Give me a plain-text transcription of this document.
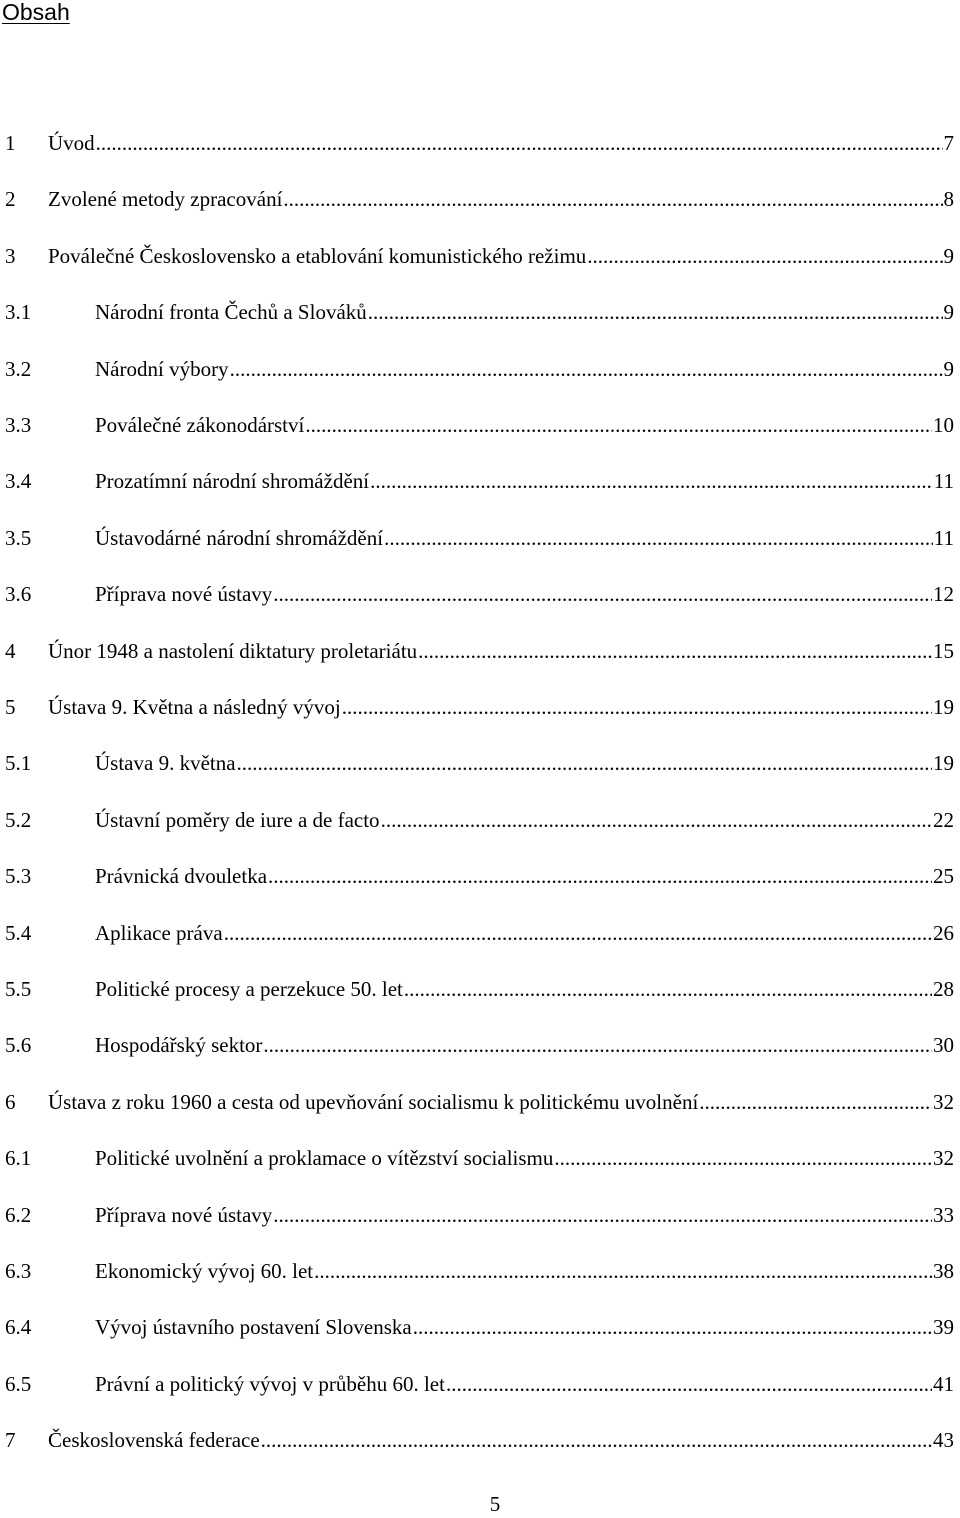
Obsah
1 Úvod .....	7
2 Zvolené metody zpracování .....	8
3 Poválečné Československo a etablování komunistického režimu .....	9
3.1	Národní fronta Čechů a Slováků .....	9
3.2	Národní výbory .....	9
3.3	Poválečné zákonodárství .....	10
3.4	Prozatímní národní shromáždění .....	11
3.5	Ústavodárné národní shromáždění .....	11
3.6	Příprava nové ústavy .....	12
4 Únor 1948 a nastolení diktatury proletariátu .....	15
5 Ústava 9. Května a následný vývoj .....	19
5.1	Ústava 9. května .....	19
5.2	Ústavní poměry de iure a de facto .....	22
5.3	Právnická dvouletka .....	25
5.4	Aplikace práva .....	26
5.5	Politické procesy a perzekuce 50. let .....	28
5.6	Hospodářský sektor .....	30
6 Ústava z roku 1960 a cesta od upevňování socialismu k politickému uvolnění .....	32
6.1	Politické uvolnění a proklamace o vítězství socialismu .....	32
6.2	Příprava nové ústavy .....	33
6.3	Ekonomický vývoj 60. let .....	38
6.4	Vývoj ústavního postavení Slovenska .....	39
6.5	Právní a politický vývoj v průběhu 60. let .....	41
7 Československá federace .....	43
5
